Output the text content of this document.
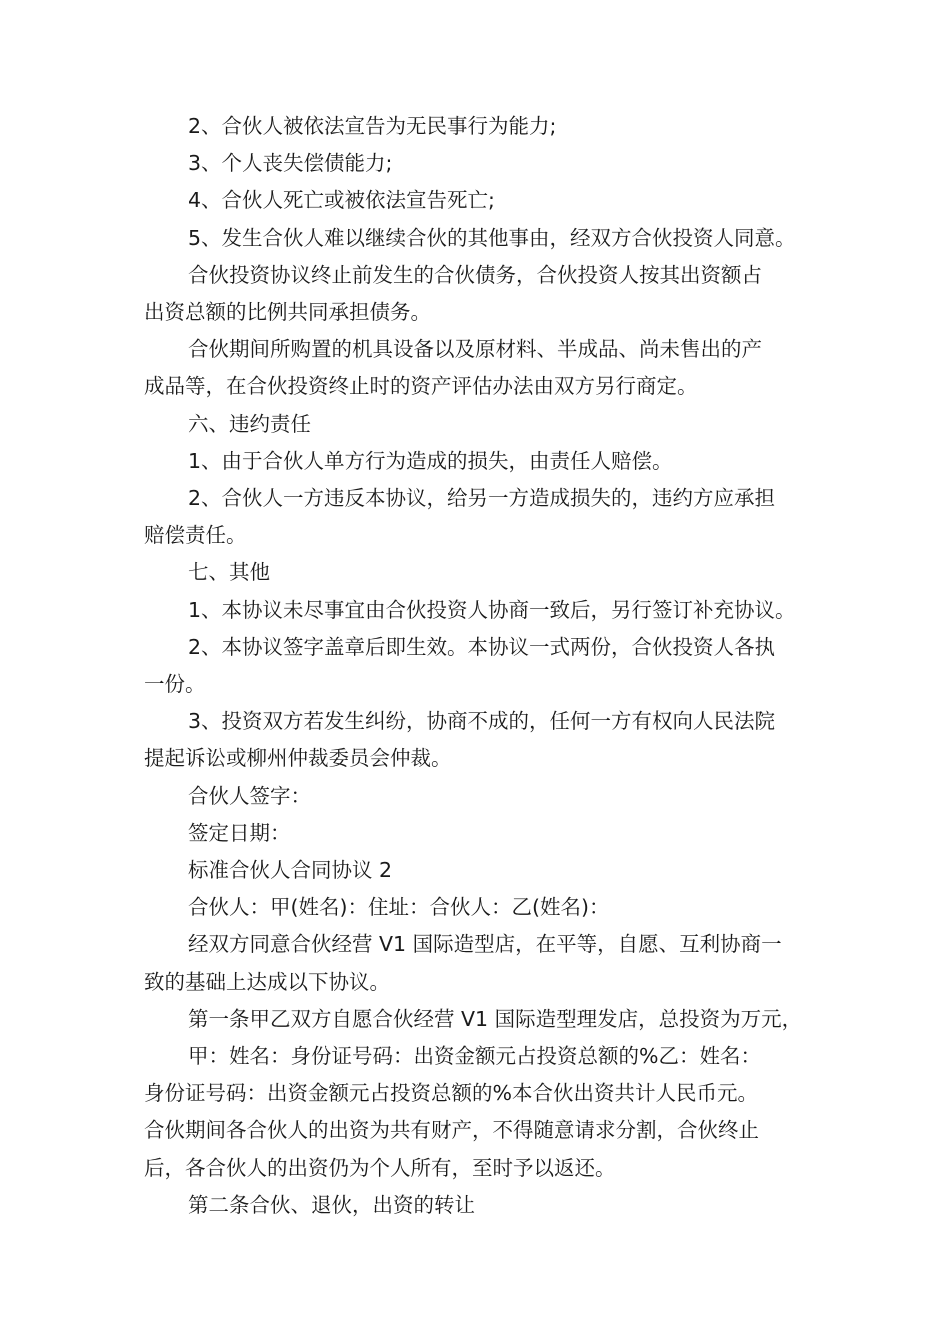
2、合伙人被依法宣告为无民事行为能力;
3、个人丧失偿债能力;
4、合伙人死亡或被依法宣告死亡;
5、发生合伙人难以继续合伙的其他事由，经双方合伙投资人同意。
合伙投资协议终止前发生的合伙债务，合伙投资人按其出资额占
出资总额的比例共同承担债务。
合伙期间所购置的机具设备以及原材料、半成品、尚未售出的产
成品等，在合伙投资终止时的资产评估办法由双方另行商定。
六、违约责任
1、由于合伙人单方行为造成的损失，由责任人赔偿。
2、合伙人一方违反本协议，给另一方造成损失的，违约方应承担
赔偿责任。
七、其他
1、本协议未尽事宜由合伙投资人协商一致后，另行签订补充协议。
2、本协议签字盖章后即生效。本协议一式两份，合伙投资人各执
一份。
3、投资双方若发生纠纷，协商不成的，任何一方有权向人民法院
提起诉讼或柳州仲裁委员会仲裁。
合伙人签字：
签定日期：
标准合伙人合同协议 2
合伙人：甲(姓名)：住址：合伙人：乙(姓名)：
经双方同意合伙经营 V1 国际造型店，在平等，自愿、互利协商一
致的基础上达成以下协议。
第一条甲乙双方自愿合伙经营 V1 国际造型理发店，总投资为万元，
甲：姓名：身份证号码：出资金额元占投资总额的%乙：姓名：
身份证号码：出资金额元占投资总额的%本合伙出资共计人民币元。
合伙期间各合伙人的出资为共有财产，不得随意请求分割，合伙终止
后，各合伙人的出资仍为个人所有，至时予以返还。
第二条合伙、退伙，出资的转让
